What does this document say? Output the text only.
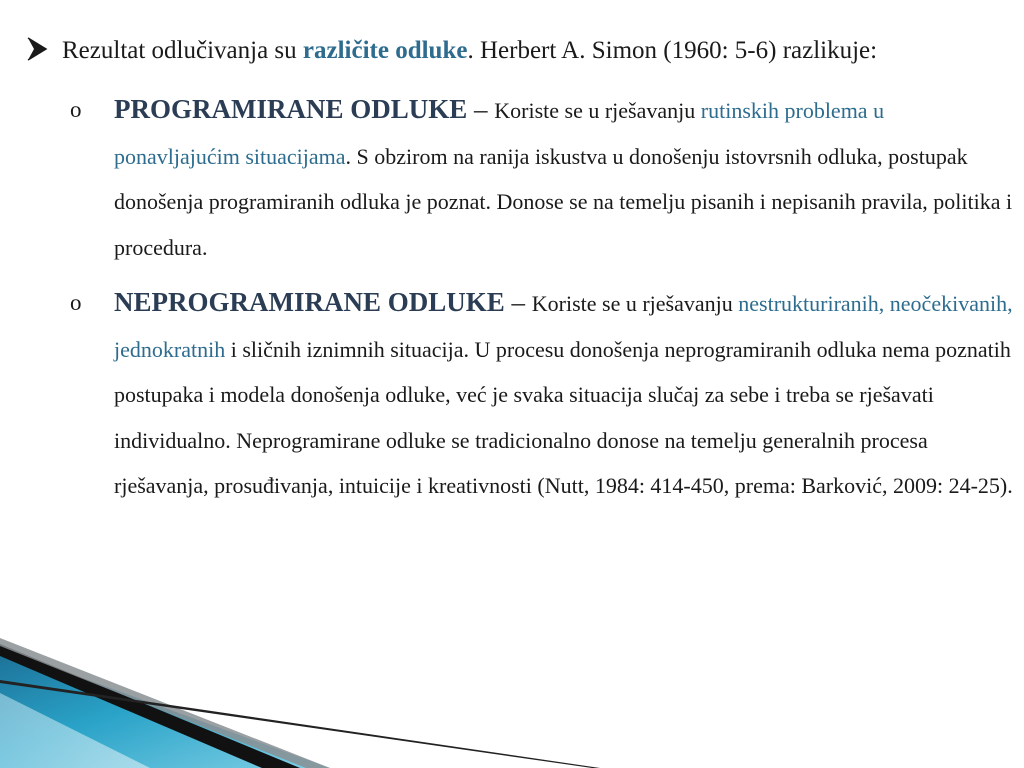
Rezultat odlučivanja su različite odluke. Herbert A. Simon (1960: 5-6) razlikuje:
o PROGRAMIRANE ODLUKE – Koriste se u rješavanju rutinskih problema u ponavljajućim situacijama. S obzirom na ranija iskustva u donošenju istovrsnih odluka, postupak donošenja programiranih odluka je poznat. Donose se na temelju pisanih i nepisanih pravila, politika i procedura.
o NEPROGRAMIRANE ODLUKE – Koriste se u rješavanju nestrukturiranih, neočekivanih, jednokratnih i sličnih iznimnih situacija. U procesu donošenja neprogramiranih odluka nema poznatih postupaka i modela donošenja odluke, već je svaka situacija slučaj za sebe i treba se rješavati individualno. Neprogramirane odluke se tradicionalno donose na temelju generalnih procesa rješavanja, prosuđivanja, intuicije i kreativnosti (Nutt, 1984: 414-450, prema: Barković, 2009: 24-25).
